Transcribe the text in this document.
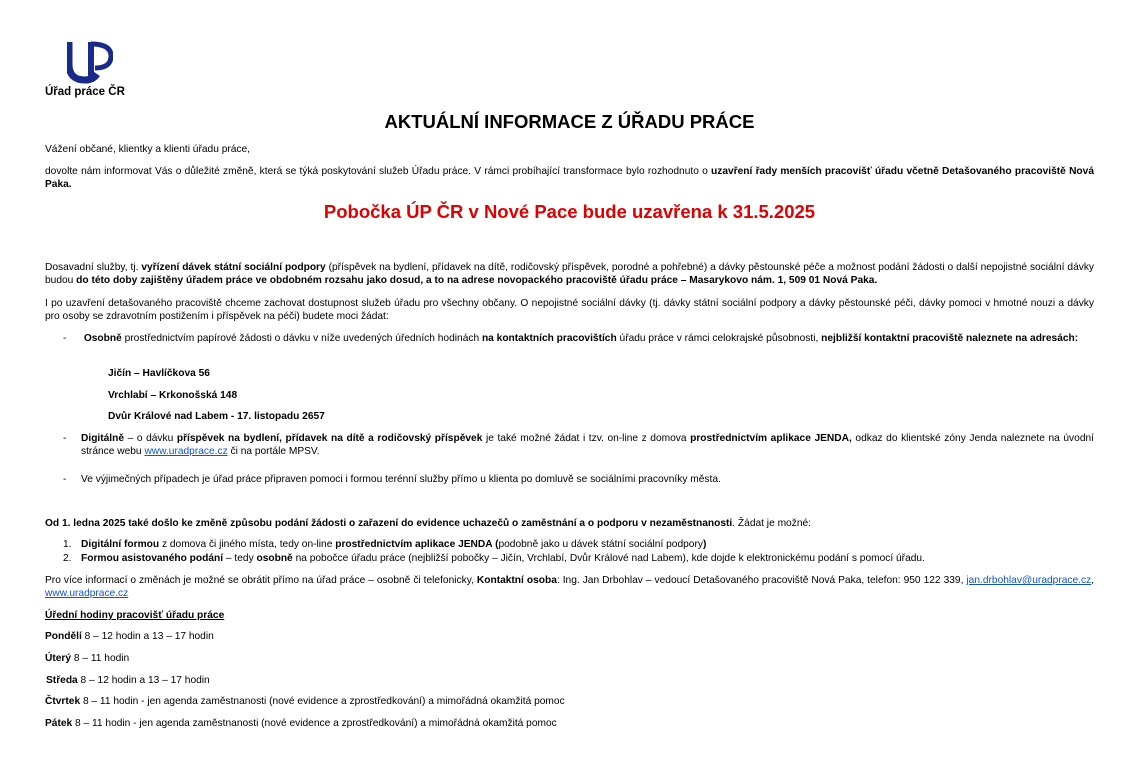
Úřad práce ČR
AKTUÁLNÍ INFORMACE Z ÚŘADU PRÁCE
Vážení občané, klientky a klienti úřadu práce,
dovolte nám informovat Vás o důležité změně, která se týká poskytování služeb Úřadu práce. V rámci probíhající transformace bylo rozhodnuto o uzavření řady menších pracovišť úřadu včetně Detašovaného pracoviště Nová Paka.
Pobočka ÚP ČR v Nové Pace bude uzavřena k 31.5.2025
Dosavadní služby, tj. vyřízení dávek státní sociální podpory (příspěvek na bydlení, přídavek na dítě, rodičovský příspěvek, porodné a pohřebné) a dávky pěstounské péče a možnost podání žádosti o další nepojistné sociální dávky budou do této doby zajištěny úřadem práce ve obdobném rozsahu jako dosud, a to na adrese novopackého pracoviště úřadu práce – Masarykovo nám. 1, 509 01 Nová Paka.
I po uzavření detašovaného pracoviště chceme zachovat dostupnost služeb úřadu pro všechny občany. O nepojistné sociální dávky (tj. dávky státní sociální podpory a dávky pěstounské péči, dávky pomoci v hmotné nouzi a dávky pro osoby se zdravotním postižením i příspěvek na péči) budete moci žádat:
- Osobně prostřednictvím papírové žádosti o dávku v níže uvedených úředních hodinách na kontaktních pracovištích úřadu práce v rámci celokrajské působnosti, nejbližší kontaktní pracoviště naleznete na adresách:
Jičín – Havlíčkova 56
Vrchlabí – Krkonošská 148
Dvůr Králové nad Labem - 17. listopadu 2657
- Digitálně – o dávku příspěvek na bydlení, přídavek na dítě a rodičovský příspěvek je také možné žádat i tzv. on-line z domova prostřednictvím aplikace JENDA, odkaz do klientské zóny Jenda naleznete na úvodní stránce webu www.uradprace.cz či na portále MPSV.
- Ve výjimečných případech je úřad práce připraven pomoci i formou terénní služby přímo u klienta po domluvě se sociálními pracovníky města.
Od 1. ledna 2025 také došlo ke změně způsobu podání žádosti o zařazení do evidence uchazečů o zaměstnání a o podporu v nezaměstnanosti. Žádat je možné:
1. Digitální formou z domova či jiného místa, tedy on-line prostřednictvím aplikace JENDA (podobně jako u dávek státní sociální podpory)
2. Formou asistovaného podání – tedy osobně na pobočce úřadu práce (nejbližší pobočky – Jičín, Vrchlabí, Dvůr Králové nad Labem), kde dojde k elektronickému podání s pomocí úřadu.
Pro více informací o změnách je možné se obrátit přímo na úřad práce – osobně či telefonicky, Kontaktní osoba: Ing. Jan Drbohlav – vedoucí Detašovaného pracoviště Nová Paka, telefon: 950 122 339, jan.drbohlav@uradprace.cz, www.uradprace.cz
Úřední hodiny pracovišť úřadu práce
Pondělí 8 – 12 hodin a 13 – 17 hodin
Úterý 8 – 11 hodin
Středa 8 – 12 hodin a 13 – 17 hodin
Čtvrtek 8 – 11 hodin - jen agenda zaměstnanosti (nové evidence a zprostředkování) a mimořádná okamžitá pomoc
Pátek 8 – 11 hodin - jen agenda zaměstnanosti (nové evidence a zprostředkování) a mimořádná okamžitá pomoc
